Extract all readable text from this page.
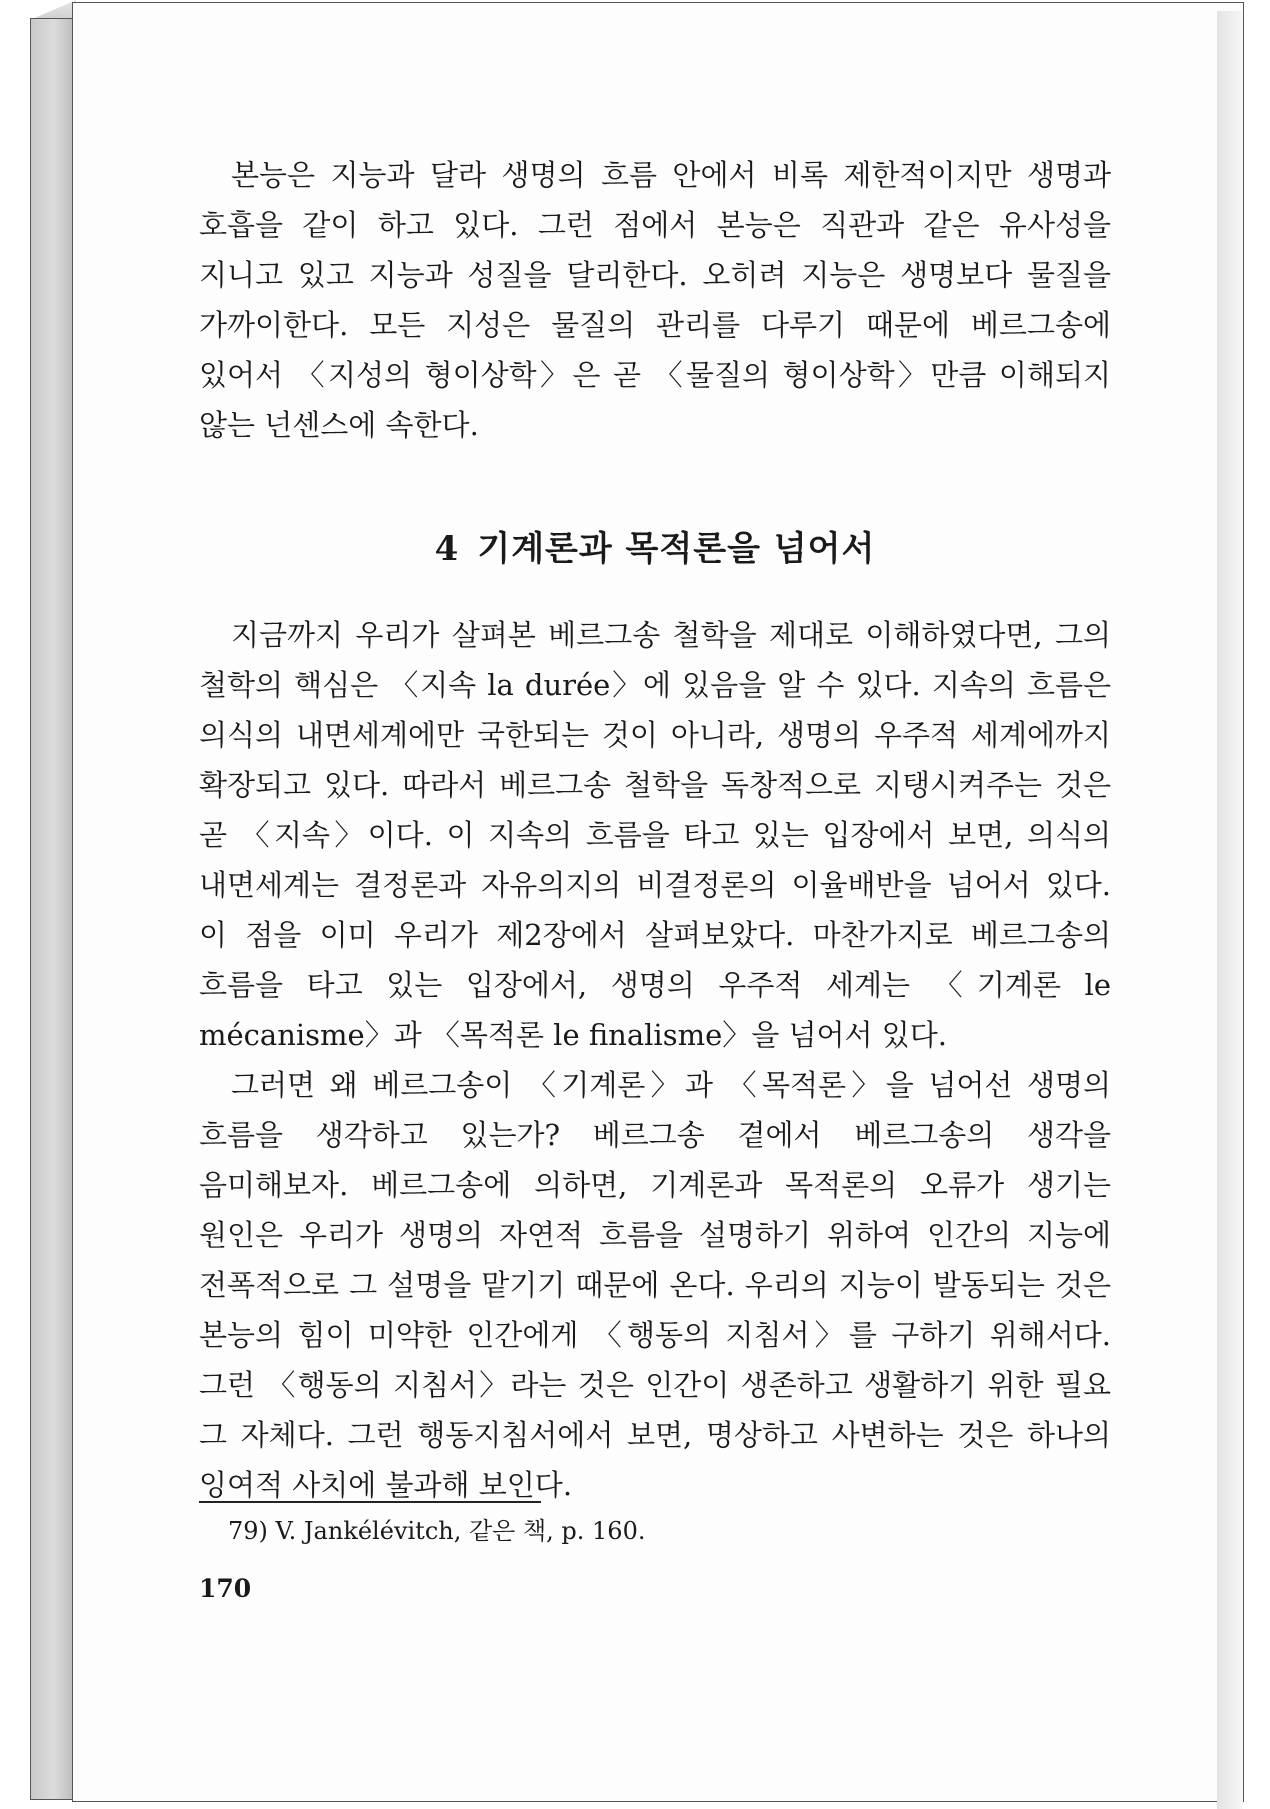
본능은 지능과 달라 생명의 흐름 안에서 비록 제한적이지만 생명과 호흡을 같이 하고 있다. 그런 점에서 본능은 직관과 같은 유사성을 지니고 있고 지능과 성질을 달리한다. 오히려 지능은 생명보다 물질을 가까이한다. 모든 지성은 물질의 관리를 다루기 때문에 베르그송에 있어서 〈지성의 형이상학〉은 곧 〈물질의 형이상학〉만큼 이해되지 않는 넌센스에 속한다.

4 기계론과 목적론을 넘어서

지금까지 우리가 살펴본 베르그송 철학을 제대로 이해하였다면, 그의 철학의 핵심은 〈지속 la durée〉에 있음을 알 수 있다. 지속의 흐름은 의식의 내면세계에만 국한되는 것이 아니라, 생명의 우주적 세계에까지 확장되고 있다. 따라서 베르그송 철학을 독창적으로 지탱시켜주는 것은 곧 〈지속〉이다. 이 지속의 흐름을 타고 있는 입장에서 보면, 의식의 내면세계는 결정론과 자유의지의 비결정론의 이율배반을 넘어서 있다. 이 점을 이미 우리가 제2장에서 살펴보았다. 마찬가지로 베르그송의 흐름을 타고 있는 입장에서, 생명의 우주적 세계는 〈기계론 le mécanisme〉과 〈목적론 le finalisme〉을 넘어서 있다.

그러면 왜 베르그송이 〈기계론〉과 〈목적론〉을 넘어선 생명의 흐름을 생각하고 있는가? 베르그송 곁에서 베르그송의 생각을 음미해보자. 베르그송에 의하면, 기계론과 목적론의 오류가 생기는 원인은 우리가 생명의 자연적 흐름을 설명하기 위하여 인간의 지능에 전폭적으로 그 설명을 맡기기 때문에 온다. 우리의 지능이 발동되는 것은 본능의 힘이 미약한 인간에게 〈행동의 지침서〉를 구하기 위해서다. 그런 〈행동의 지침서〉라는 것은 인간이 생존하고 생활하기 위한 필요 그 자체다. 그런 행동지침서에서 보면, 명상하고 사변하는 것은 하나의 잉여적 사치에 불과해 보인다.

79) V. Jankélévitch, 같은 책, p. 160.
170
